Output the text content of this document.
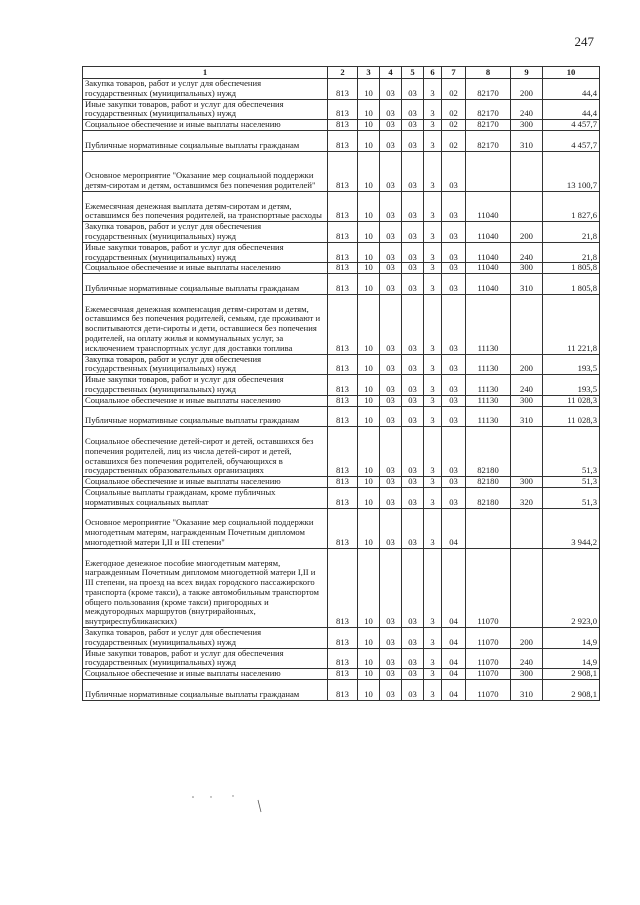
247
1	2	3	4	5	6	7	8	9	10
Закупка товаров, работ и услуг для обеспечения государственных (муниципальных) нужд	813	10	03	03	3	02	82170	200	44,4
Иные закупки товаров, работ и услуг для обеспечения государственных (муниципальных) нужд	813	10	03	03	3	02	82170	240	44,4
Социальное обеспечение и иные выплаты населению	813	10	03	03	3	02	82170	300	4 457,7
Публичные нормативные социальные выплаты гражданам	813	10	03	03	3	02	82170	310	4 457,7
Основное мероприятие "Оказание мер социальной поддержки детям-сиротам и детям, оставшимся без попечения родителей"	813	10	03	03	3	03			13 100,7
Ежемесячная денежная выплата детям-сиротам и детям, оставшимся без попечения родителей, на транспортные расходы	813	10	03	03	3	03	11040		1 827,6
Закупка товаров, работ и услуг для обеспечения государственных (муниципальных) нужд	813	10	03	03	3	03	11040	200	21,8
Иные закупки товаров, работ и услуг для обеспечения государственных (муниципальных) нужд	813	10	03	03	3	03	11040	240	21,8
Социальное обеспечение и иные выплаты населению	813	10	03	03	3	03	11040	300	1 805,8
Публичные нормативные социальные выплаты гражданам	813	10	03	03	3	03	11040	310	1 805,8
Ежемесячная денежная компенсация детям-сиротам и детям, оставшимся без попечения родителей, семьям, где проживают и воспитываются дети-сироты и дети, оставшиеся без попечения родителей, на оплату жилья и коммунальных услуг, за исключением транспортных услуг для доставки топлива	813	10	03	03	3	03	11130		11 221,8
Закупка товаров, работ и услуг для обеспечения государственных (муниципальных) нужд	813	10	03	03	3	03	11130	200	193,5
Иные закупки товаров, работ и услуг для обеспечения государственных (муниципальных) нужд	813	10	03	03	3	03	11130	240	193,5
Социальное обеспечение и иные выплаты населению	813	10	03	03	3	03	11130	300	11 028,3
Публичные нормативные социальные выплаты гражданам	813	10	03	03	3	03	11130	310	11 028,3
Социальное обеспечение детей-сирот и детей, оставшихся без попечения родителей, лиц из числа детей-сирот и детей, оставшихся без попечения родителей, обучающихся в государственных образовательных организациях	813	10	03	03	3	03	82180		51,3
Социальное обеспечение и иные выплаты населению	813	10	03	03	3	03	82180	300	51,3
Социальные выплаты гражданам, кроме публичных нормативных социальных выплат	813	10	03	03	3	03	82180	320	51,3
Основное мероприятие "Оказание мер социальной поддержки многодетным матерям, награжденным Почетным дипломом многодетной матери I,II и III степени"	813	10	03	03	3	04			3 944,2
Ежегодное денежное пособие многодетным матерям, награжденным Почетным дипломом многодетной матери I,II и III степени, на проезд на всех видах городского пассажирского транспорта (кроме такси), а также автомобильным транспортом общего пользования (кроме такси) пригородных и междугородных маршрутов (внутрирайонных, внутриреспубликанских)	813	10	03	03	3	04	11070		2 923,0
Закупка товаров, работ и услуг для обеспечения государственных (муниципальных) нужд	813	10	03	03	3	04	11070	200	14,9
Иные закупки товаров, работ и услуг для обеспечения государственных (муниципальных) нужд	813	10	03	03	3	04	11070	240	14,9
Социальное обеспечение и иные выплаты населению	813	10	03	03	3	04	11070	300	2 908,1
Публичные нормативные социальные выплаты гражданам	813	10	03	03	3	04	11070	310	2 908,1
